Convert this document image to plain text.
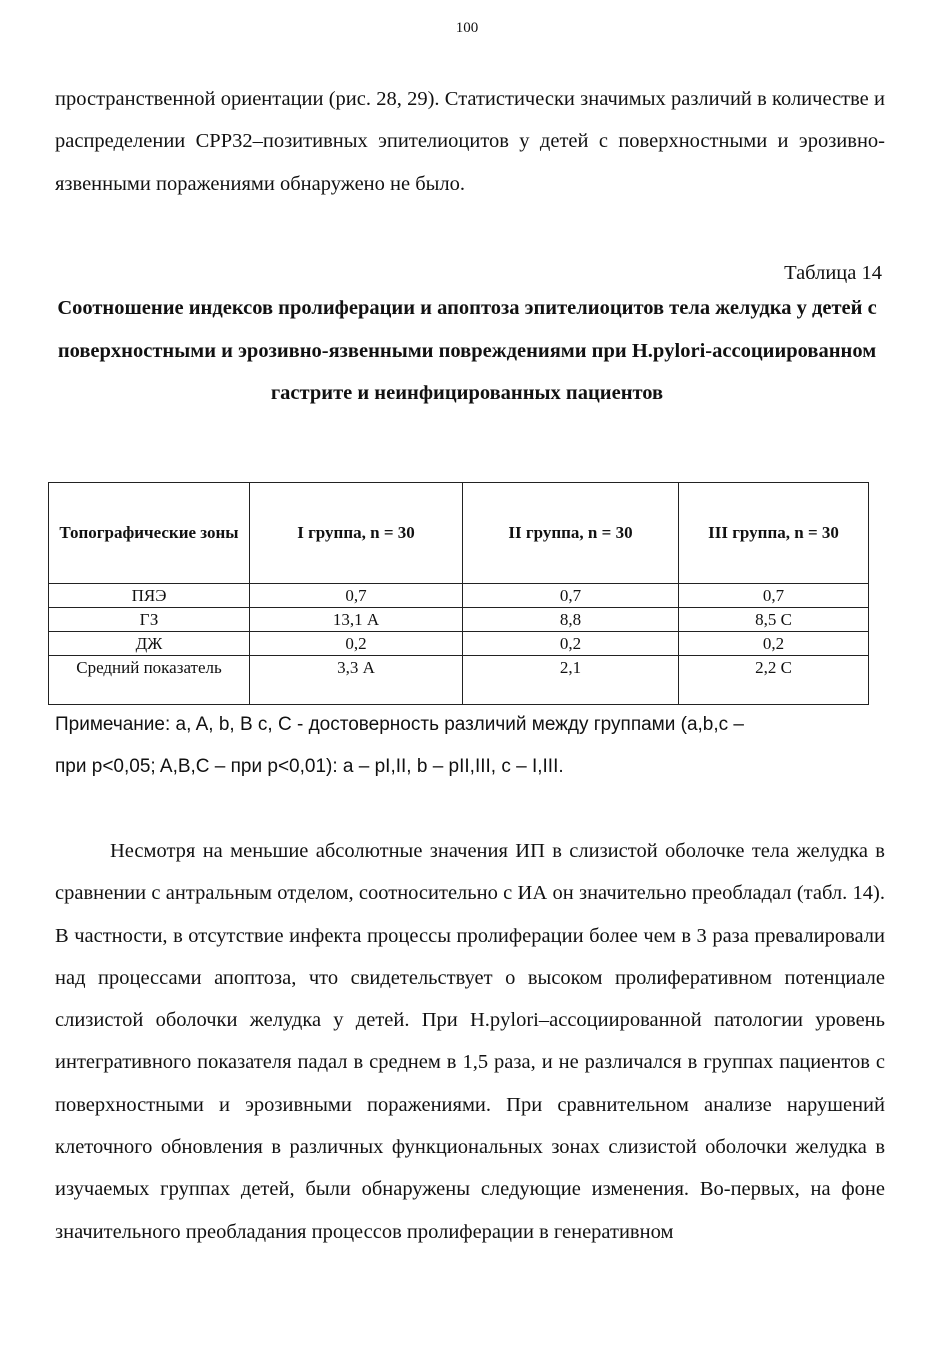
100

пространственной ориентации (рис. 28, 29). Статистически значимых различий в количестве и распределении CPP32–позитивных эпителиоцитов у детей с поверхностными и эрозивно-язвенными поражениями обнаружено не было.

Таблица 14
Соотношение индексов пролиферации и апоптоза эпителиоцитов тела желудка у детей с поверхностными и эрозивно-язвенными повреждениями при H.pylori-ассоциированном гастрите и неинфицированных пациентов
Топографические зоны	I группа, n = 30	II группа, n = 30	III группа, n = 30
ПЯЭ	0,7	0,7	0,7
ГЗ	13,1 А	8,8	8,5 С
ДЖ	0,2	0,2	0,2
Средний показатель	3,3 А	2,1	2,2 С
Примечание: a, A, b, B c, C - достоверность различий между группами (a,b,c –
при p<0,05; A,B,C – при p<0,01): a – pI,II, b – pII,III, c – I,III.

Несмотря на меньшие абсолютные значения ИП в слизистой оболочке тела желудка в сравнении с антральным отделом, соотносительно с ИА он значительно преобладал (табл. 14). В частности, в отсутствие инфекта процессы пролиферации более чем в 3 раза превалировали над процессами апоптоза, что свидетельствует о высоком пролиферативном потенциале слизистой оболочки желудка у детей. При H.pylori–ассоциированной патологии уровень интегративного показателя падал в среднем в 1,5 раза, и не различался в группах пациентов с поверхностными и эрозивными поражениями. При сравнительном анализе нарушений клеточного обновления в различных функциональных зонах слизистой оболочки желудка в изучаемых группах детей, были обнаружены следующие изменения. Во-первых, на фоне значительного преобладания процессов пролиферации в генеративном
